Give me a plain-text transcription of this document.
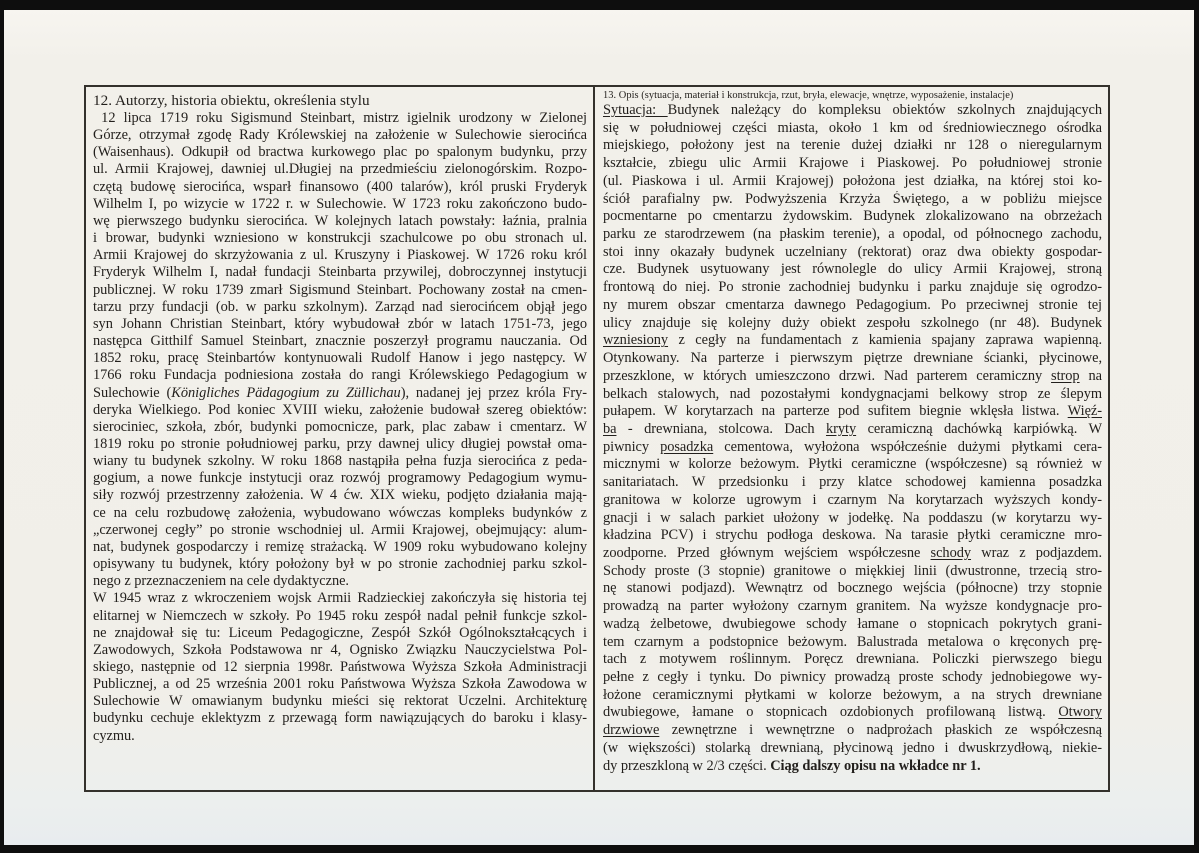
12. Autorzy, historia obiektu, określenia stylu
12 lipca 1719 roku Sigismund Steinbart, mistrz igielnik urodzony w Zielonej
Górze, otrzymał zgodę Rady Królewskiej na założenie w Sulechowie sierocińca
(Waisenhaus). Odkupił od bractwa kurkowego plac po spalonym budynku, przy
ul. Armii Krajowej, dawniej ul.Długiej na przedmieściu zielonogórskim. Rozpo-
czętą budowę sierocińca, wsparł finansowo (400 talarów), król pruski Fryderyk
Wilhelm I, po wizycie w 1722 r. w Sulechowie. W 1723 roku zakończono budo-
wę pierwszego budynku sierocińca. W kolejnych latach powstały: łaźnia, pralnia
i browar, budynki wzniesiono w konstrukcji szachulcowe po obu stronach ul.
Armii Krajowej do skrzyżowania z ul. Kruszyny i Piaskowej. W 1726 roku król
Fryderyk Wilhelm I, nadał fundacji Steinbarta przywilej, dobroczynnej instytucji
publicznej. W roku 1739 zmarł Sigismund Steinbart. Pochowany został na cmen-
tarzu przy fundacji (ob. w parku szkolnym). Zarząd nad sierocińcem objął jego
syn Johann Christian Steinbart, który wybudował zbór w latach 1751-73, jego
następca Gitthilf Samuel Steinbart, znacznie poszerzył programu nauczania. Od
1852 roku, pracę Steinbartów kontynuowali Rudolf Hanow i jego następcy. W
1766 roku Fundacja podniesiona została do rangi Królewskiego Pedagogium w
Sulechowie (Königliches Pädagogium zu Züllichau), nadanej jej przez króla Fry-
deryka Wielkiego. Pod koniec XVIII wieku, założenie budował szereg obiektów:
sierociniec, szkoła, zbór, budynki pomocnicze, park, plac zabaw i cmentarz. W
1819 roku po stronie południowej parku, przy dawnej ulicy długiej powstał oma-
wiany tu budynek szkolny. W roku 1868 nastąpiła pełna fuzja sierocińca z peda-
gogium, a nowe funkcje instytucji oraz rozwój programowy Pedagogium wymu-
siły rozwój przestrzenny założenia. W 4 ćw. XIX wieku, podjęto działania mają-
ce na celu rozbudowę założenia, wybudowano wówczas kompleks budynków z
„czerwonej cegły” po stronie wschodniej ul. Armii Krajowej, obejmujący: alum-
nat, budynek gospodarczy i remizę strażacką. W 1909 roku wybudowano kolejny
opisywany tu budynek, który położony był w po stronie zachodniej parku szkol-
nego z przeznaczeniem na cele dydaktyczne.
W 1945 wraz z wkroczeniem wojsk Armii Radzieckiej zakończyła się historia tej
elitarnej w Niemczech w szkoły. Po 1945 roku zespół nadal pełnił funkcje szkol-
ne znajdował się tu: Liceum Pedagogiczne, Zespół Szkół Ogólnokształcących i
Zawodowych, Szkoła Podstawowa nr 4, Ognisko Związku Nauczycielstwa Pol-
skiego, następnie od 12 sierpnia 1998r. Państwowa Wyższa Szkoła Administracji
Publicznej, a od 25 września 2001 roku Państwowa Wyższa Szkoła Zawodowa w
Sulechowie W omawianym budynku mieści się rektorat Uczelni. Architekturę
budynku cechuje eklektyzm z przewagą form nawiązujących do baroku i klasy-
cyzmu.
13. Opis (sytuacja, materiał i konstrukcja, rzut, bryła, elewacje, wnętrze, wyposażenie, instalacje)
Sytuacja: Budynek należący do kompleksu obiektów szkolnych znajdujących
się w południowej części miasta, około 1 km od średniowiecznego ośrodka
miejskiego, położony jest na terenie dużej działki nr 128 o nieregularnym
kształcie, zbiegu ulic Armii Krajowe i Piaskowej. Po południowej stronie
(ul. Piaskowa i ul. Armii Krajowej) położona jest działka, na której stoi ko-
ściół parafialny pw. Podwyższenia Krzyża Świętego, a w pobliżu miejsce
pocmentarne po cmentarzu żydowskim. Budynek zlokalizowano na obrzeżach
parku ze starodrzewem (na płaskim terenie), a opodal, od północnego zachodu,
stoi inny okazały budynek uczelniany (rektorat) oraz dwa obiekty gospodar-
cze. Budynek usytuowany jest równolegle do ulicy Armii Krajowej, stroną
frontową do niej. Po stronie zachodniej budynku i parku znajduje się ogrodzo-
ny murem obszar cmentarza dawnego Pedagogium. Po przeciwnej stronie tej
ulicy znajduje się kolejny duży obiekt zespołu szkolnego (nr 48). Budynek
wzniesiony z cegły na fundamentach z kamienia spajany zaprawa wapienną.
Otynkowany. Na parterze i pierwszym piętrze drewniane ścianki, płycinowe,
przeszklone, w których umieszczono drzwi. Nad parterem ceramiczny strop na
belkach stalowych, nad pozostałymi kondygnacjami belkowy strop ze ślepym
pułapem. W korytarzach na parterze pod sufitem biegnie wklęsła listwa. Więź-
ba - drewniana, stolcowa. Dach kryty ceramiczną dachówką karpiówką. W
piwnicy posadzka cementowa, wyłożona współcześnie dużymi płytkami cera-
micznymi w kolorze beżowym. Płytki ceramiczne (współczesne) są również w
sanitariatach. W przedsionku i przy klatce schodowej kamienna posadzka
granitowa w kolorze ugrowym i czarnym Na korytarzach wyższych kondy-
gnacji i w salach parkiet ułożony w jodełkę. Na poddaszu (w korytarzu wy-
kładzina PCV) i strychu podłoga deskowa. Na tarasie płytki ceramiczne mro-
zoodporne. Przed głównym wejściem współczesne schody wraz z podjazdem.
Schody proste (3 stopnie) granitowe o miękkiej linii (dwustronne, trzecią stro-
nę stanowi podjazd). Wewnątrz od bocznego wejścia (północne) trzy stopnie
prowadzą na parter wyłożony czarnym granitem. Na wyższe kondygnacje pro-
wadzą żelbetowe, dwubiegowe schody łamane o stopnicach pokrytych grani-
tem czarnym a podstopnice beżowym. Balustrada metalowa o kręconych prę-
tach z motywem roślinnym. Poręcz drewniana. Policzki pierwszego biegu
pełne z cegły i tynku. Do piwnicy prowadzą proste schody jednobiegowe wy-
łożone ceramicznymi płytkami w kolorze beżowym, a na strych drewniane
dwubiegowe, łamane o stopnicach ozdobionych profilowaną listwą. Otwory
drzwiowe zewnętrzne i wewnętrzne o nadprożach płaskich ze współczesną
(w większości) stolarką drewnianą, płycinową jedno i dwuskrzydłową, niekie-
dy przeszkloną w 2/3 części. Ciąg dalszy opisu na wkładce nr 1.
